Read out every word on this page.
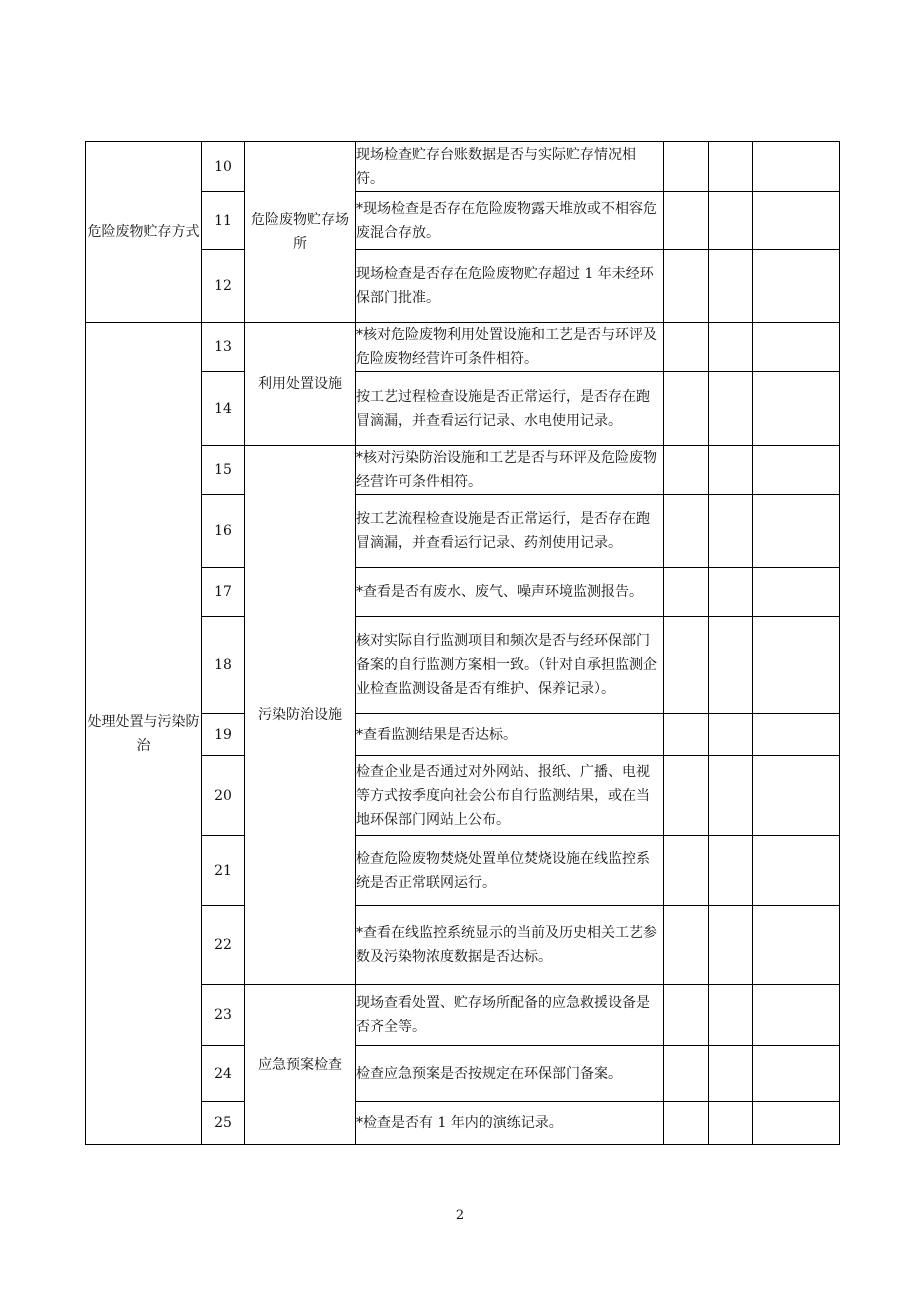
危险废物贮存方式	10	危险废物贮存场所	现场检查贮存台账数据是否与实际贮存情况相符。			
	11		*现场检查是否存在危险废物露天堆放或不相容危废混合存放。			
	12		现场检查是否存在危险废物贮存超过 1 年未经环保部门批准。			
处理处置与污染防治	13	利用处置设施	*核对危险废物利用处置设施和工艺是否与环评及危险废物经营许可条件相符。			
	14		按工艺过程检查设施是否正常运行，是否存在跑冒滴漏，并查看运行记录、水电使用记录。			
	15	污染防治设施	*核对污染防治设施和工艺是否与环评及危险废物经营许可条件相符。			
	16		按工艺流程检查设施是否正常运行，是否存在跑冒滴漏，并查看运行记录、药剂使用记录。			
	17		*查看是否有废水、废气、噪声环境监测报告。			
	18		核对实际自行监测项目和频次是否与经环保部门备案的自行监测方案相一致。（针对自承担监测企业检查监测设备是否有维护、保养记录）。			
	19		*查看监测结果是否达标。			
	20		检查企业是否通过对外网站、报纸、广播、电视等方式按季度向社会公布自行监测结果，或在当地环保部门网站上公布。			
	21		检查危险废物焚烧处置单位焚烧设施在线监控系统是否正常联网运行。			
	22		*查看在线监控系统显示的当前及历史相关工艺参数及污染物浓度数据是否达标。			
	23	应急预案检查	现场查看处置、贮存场所配备的应急救援设备是否齐全等。			
	24		检查应急预案是否按规定在环保部门备案。			
	25		*检查是否有 1 年内的演练记录。			
2
